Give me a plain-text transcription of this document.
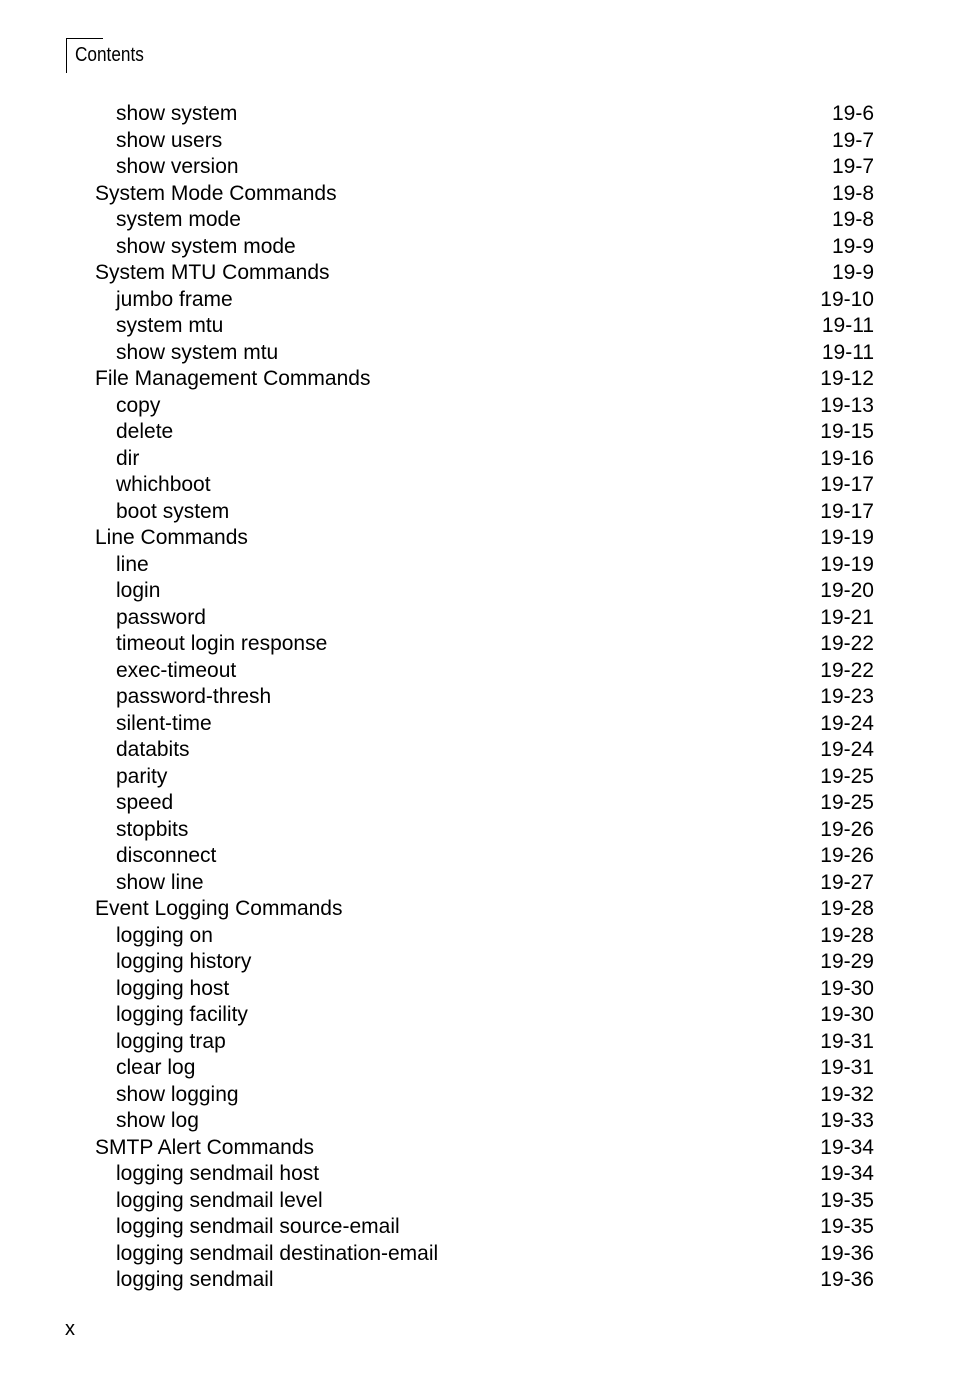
Contents
show system	19-6
show users	19-7
show version	19-7
System Mode Commands	19-8
system mode	19-8
show system mode	19-9
System MTU Commands	19-9
jumbo frame	19-10
system mtu	19-11
show system mtu	19-11
File Management Commands	19-12
copy	19-13
delete	19-15
dir	19-16
whichboot	19-17
boot system	19-17
Line Commands	19-19
line	19-19
login	19-20
password	19-21
timeout login response	19-22
exec-timeout	19-22
password-thresh	19-23
silent-time	19-24
databits	19-24
parity	19-25
speed	19-25
stopbits	19-26
disconnect	19-26
show line	19-27
Event Logging Commands	19-28
logging on	19-28
logging history	19-29
logging host	19-30
logging facility	19-30
logging trap	19-31
clear log	19-31
show logging	19-32
show log	19-33
SMTP Alert Commands	19-34
logging sendmail host	19-34
logging sendmail level	19-35
logging sendmail source-email	19-35
logging sendmail destination-email	19-36
logging sendmail	19-36
x
